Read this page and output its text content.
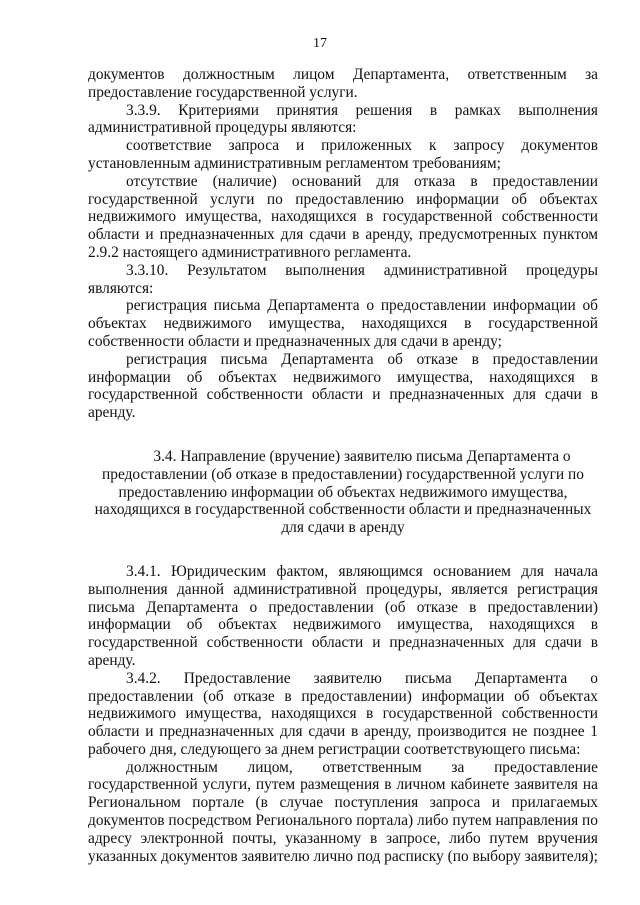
17

документов должностным лицом Департамента, ответственным за предоставление государственной услуги.

3.3.9. Критериями принятия решения в рамках выполнения административной процедуры являются:

соответствие запроса и приложенных к запросу документов установленным административным регламентом требованиям;

отсутствие (наличие) оснований для отказа в предоставлении государственной услуги по предоставлению информации об объектах недвижимого имущества, находящихся в государственной собственности области и предназначенных для сдачи в аренду, предусмотренных пунктом 2.9.2 настоящего административного регламента.

3.3.10. Результатом выполнения административной процедуры являются:

регистрация письма Департамента о предоставлении информации об объектах недвижимого имущества, находящихся в государственной собственности области и предназначенных для сдачи в аренду;

регистрация письма Департамента об отказе в предоставлении информации об объектах недвижимого имущества, находящихся в государственной собственности области и предназначенных для сдачи в аренду.

3.4. Направление (вручение) заявителю письма Департамента о предоставлении (об отказе в предоставлении) государственной услуги по предоставлению информации об объектах недвижимого имущества, находящихся в государственной собственности области и предназначенных для сдачи в аренду

3.4.1. Юридическим фактом, являющимся основанием для начала выполнения данной административной процедуры, является регистрация письма Департамента о предоставлении (об отказе в предоставлении) информации об объектах недвижимого имущества, находящихся в государственной собственности области и предназначенных для сдачи в аренду.

3.4.2. Предоставление заявителю письма Департамента о предоставлении (об отказе в предоставлении) информации об объектах недвижимого имущества, находящихся в государственной собственности области и предназначенных для сдачи в аренду, производится не позднее 1 рабочего дня, следующего за днем регистрации соответствующего письма:

должностным лицом, ответственным за предоставление государственной услуги, путем размещения в личном кабинете заявителя на Региональном портале (в случае поступления запроса и прилагаемых документов посредством Регионального портала) либо путем направления по адресу электронной почты, указанному в запросе, либо путем вручения указанных документов заявителю лично под расписку (по выбору заявителя);
